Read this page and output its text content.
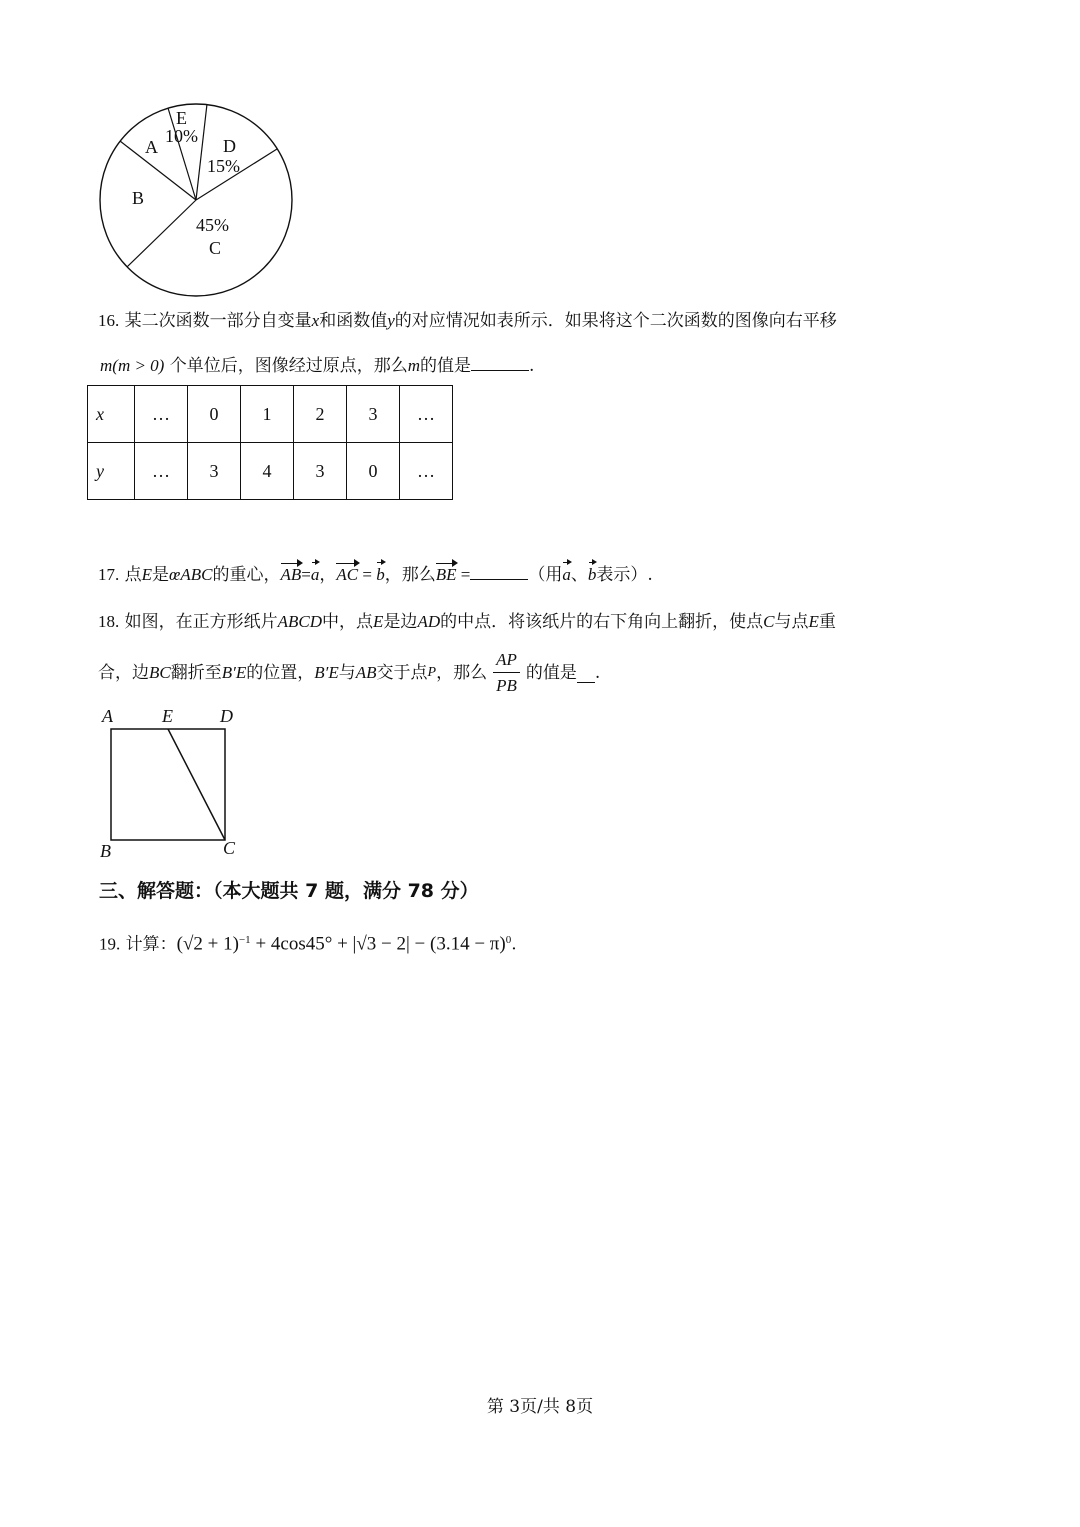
E
10%
A	D
15%
B
45%
C
16. 某二次函数一部分自变量x和函数值y的对应情况如表所示．如果将这个二次函数的图像向右平移
m(m > 0) 个单位后，图像经过原点，那么m的值是	.
x	…	0	1	2	3	…
y	…	3	4	3	0	…
17. 点E是œABC的重心，AB=a，AC = b，那么BE =	（用a、b表示）.
18. 如图，在正方形纸片ABCD中，点E是边AD的中点．将该纸片的右下角向上翻折，使点C与点E重
合，边 BC 翻折至 B′E 的位置， B′E 与 AB 交于点 P ，那么 $\frac{AP}{PB}$ 的值是 .
A	E	D
B	C
三、解答题：（本大题共 7 题，满分 78 分）
19. 计算：$(√2 + 1)^{-1} + 4\cos 45^\circ + |√3 - 2| - (3.14 - \pi)^0$.
第 3页/共 8页
